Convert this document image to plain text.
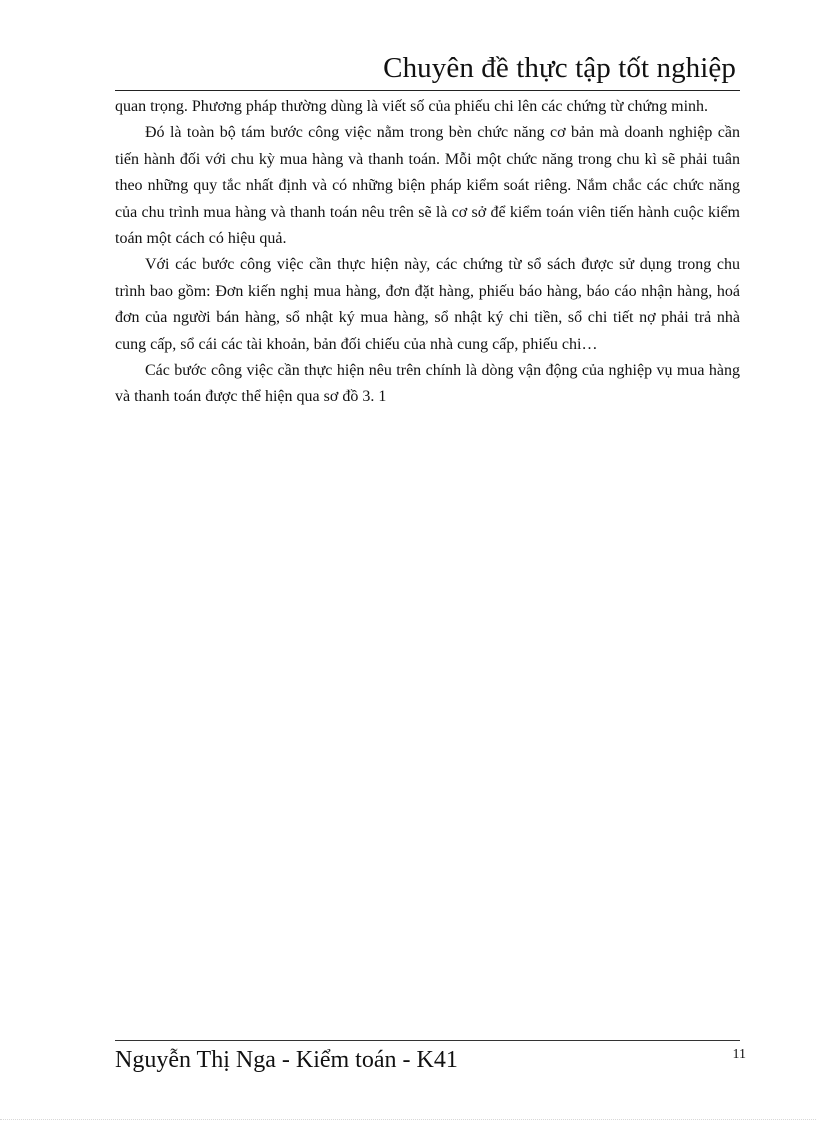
Chuyên đề thực tập tốt nghiệp

quan trọng. Phương pháp thường dùng là viết số của phiếu chi lên các chứng từ chứng minh.

Đó là toàn bộ tám bước công việc nằm trong bèn chức năng cơ bản mà doanh nghiệp cần tiến hành đối với chu kỳ mua hàng và thanh toán. Mỗi một chức năng trong chu kì sẽ phải tuân theo những quy tắc nhất định và có những biện pháp kiểm soát riêng. Nắm chắc các chức năng của chu trình mua hàng và thanh toán nêu trên sẽ là cơ sở để kiểm toán viên tiến hành cuộc kiểm toán một cách có hiệu quả.

Với các bước công việc cần thực hiện này, các chứng từ sổ sách được sử dụng trong chu trình bao gồm: Đơn kiến nghị mua hàng, đơn đặt hàng, phiếu báo hàng, báo cáo nhận hàng, hoá đơn của người bán hàng, sổ nhật ký mua hàng, sổ nhật ký chi tiền, sổ chi tiết nợ phải trả nhà cung cấp, sổ cái các tài khoản, bản đối chiếu của nhà cung cấp, phiếu chi…

Các bước công việc cần thực hiện nêu trên chính là dòng vận động của nghiệp vụ mua hàng và thanh toán được thể hiện qua sơ đồ 3. 1

Nguyễn Thị Nga - Kiểm toán - K41	11
